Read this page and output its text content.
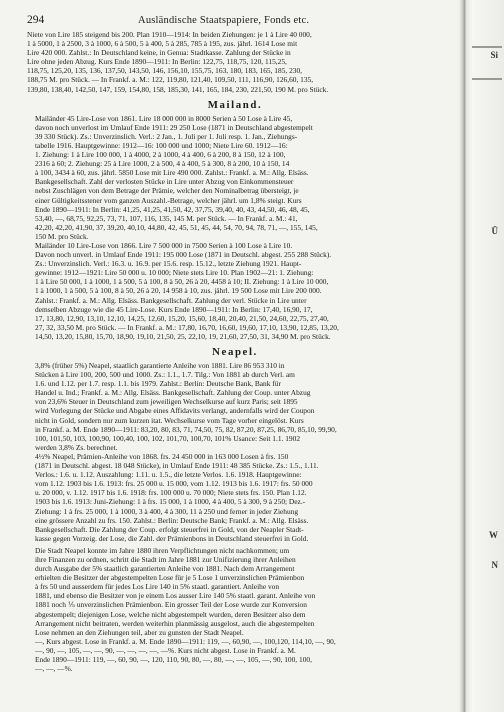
294	Ausländische Staatspapiere, Fonds etc.
Niete von Lire 185 steigend bis 200. Plan 1910—1914: In beiden Ziehungen: je 1 à Lire 40 000,
1 à 5000, 1 à 2500, 3 à 1000, 6 à 500, 5 à 400, 5 à 285, 785 à 195, zus. jährl. 1614 Lose mit
Lire 420 000. Zahlst.: In Deutschland keine, in Genua: Stadtkasse. Zahlung der Stücke in
Lire ohne jeden Abzug. Kurs Ende 1890—1911: In Berlin: 122,75, 118,75, 120, 115,25,
118,75, 125,20, 135, 136, 137,50, 143,50, 146, 156,10, 155,75, 163, 180, 183, 165, 185, 230,
188,75 M. pro Stück. — In Frankf. a. M.: 122, 119,80, 121,40, 109,50, 111, 116,90, 126,60, 135,
139,80, 138,40, 142,50, 147, 159, 154,80, 158, 185,30, 141, 165, 184, 230, 221,50, 190 M. pro Stück.
Mailand.
Mailänder 45 Lire-Lose von 1861. Lire 18 000 000 in 8000 Serien à 50 Lose à Lire 45,
davon noch unverlost im Umlauf Ende 1911: 29 250 Lose (1871 in Deutschland abgestempelt
39 330 Stück). Zs.: Unverzinslich. Verl.: 2 Jan., 1. Juli per 1. Juli resp. 1. Jan., Ziehungs-
tabelle 1916. Hauptgewinne: 1912—16: 100 000 und 1000; Niete Lire 60. 1912—16:
1. Ziehung: 1 à Lire 100 000, 1 à 4000, 2 à 1000, 4 à 400, 6 à 200, 8 à 150, 12 à 100,
2316 à 60; 2. Ziehung: 25 à Lire 1000, 2 à 500, 4 à 400, 5 à 300, 8 à 200, 10 à 150, 14
à 100, 3434 à 60, zus. jährl. 5850 Lose mit Lire 490 000. Zahlst.: Frankf. a. M.: Allg. Elsäss.
Bankgesellschaft. Zahl der verlosten Stücke in Lire unter Abzug von Einkommensteuer
nebst Zuschlägen von dem Betrage der Prämie, welcher den Nominalbetrag übersteigt, je
einer Gültigkeitsstener vom ganzen Auszahl.-Betrage, welcher jährl. um 1,8% steigt. Kurs
Ende 1890—1911: In Berlin: 41,25, 41,25, 41,50, 42, 37,75, 39,40, 40, 43, 44,50, 46, 48, 45,
53,40, —, 68,75, 92,25, 73, 71, 107, 116, 135, 145 M. per Stück. — In Frankf. a. M.: 41,
42,20, 42,20, 41,90, 37, 39,20, 40,10, 44,80, 42, 45, 51, 45, 44, 54, 70, 94, 78, 71, —, 155, 145,
150 M. pro Stück.
Mailänder 10 Lire-Lose von 1866. Lire 7 500 000 in 7500 Serien à 100 Lose à Lire 10.
Davon noch unverl. in Umlauf Ende 1911: 195 000 Lose (1871 in Deutschl. abgest. 255 288 Stück).
Zs.: Unverzinslich. Verl.: 16.3. u. 16.9. per 15.6. resp. 15.12., letzte Ziehung 1921. Haupt-
gewinne: 1912—1921: Lire 50 000 u. 10 000; Niete stets Lire 10. Plan 1902—21: 1. Ziehung:
1 à Lire 50 000, 1 à 1000, 1 à 500, 5 à 100, 8 à 50, 26 à 20, 4458 à 10; II. Ziehung: 1 à Lire 10 000,
1 à 1000, 1 à 500, 5 à 100, 8 à 50, 26 à 20, 14 958 à 10, zus. jährl. 19 500 Lose mit Lire 200 000.
Zahlst.: Frankf. a. M.: Allg. Elsäss. Bankgesellschaft. Zahlung der verl. Stücke in Lire unter
demselben Abzuge wie die 45 Lire-Lose. Kurs Ende 1890—1911: In Berlin: 17,40, 16,90, 17,
17, 13,80, 12,90, 13,10, 12,10, 14,25, 12,60, 15,20, 15,60, 18,40, 20,40, 21,50, 24,60, 22,75, 27,40,
27, 32, 33,50 M. pro Stück. — In Frankf. a. M.: 17,80, 16,70, 16,60, 19,60, 17,10, 13,90, 12,85, 13,20,
14,50, 13,20, 15,80, 15,70, 18,90, 19,10, 21,50, 25, 22,10, 19, 21,60, 27,50, 31, 34,90 M. pro Stück.
Neapel.
3,8% (früher 5%) Neapel, staatlich garantierte Anleihe von 1881. Lire 86 953 310 in
Stücken à Lire 100, 200, 500 und 1000. Zs.: 1.1., 1.7. Tilg.: Von 1881 ab durch Verl. am
1.6. und 1.12. per 1.7. resp. 1.1. bis 1979. Zahlst.: Berlin: Deutsche Bank, Bank für
Handel u. Ind.; Frankf. a. M.: Allg. Elsäss. Bankgesellschaft. Zahlung der Coup. unter Abzug
von 23,6% Steuer in Deutschland zum jeweiligen Wechselkurse auf kurz Paris; seit 1895
wird Vorlegung der Stücke und Abgabe eines Affidavits verlangt, andernfalls wird der Coupon
nicht in Gold, sondern nur zum kurzen itat. Wechselkurse vom Tage vorher eingelöst. Kurs
in Frankf. a. M. Ende 1890—1911: 83,20, 80, 83, 71, 74,50, 75, 82, 87,20, 87,25, 86,70, 85,10, 99,90,
100, 101,50, 103, 100,90, 100,40, 100, 102, 101,70, 100,70, 101% Usance: Seit 1.1. 1902
werden 3,8% Zs. berechnet.
4½% Neapel, Prämien-Anleihe von 1868. frs. 24 450 000 in 163 000 Losen à frs. 150
(1871 in Deutschl. abgest. 18 048 Stücke), in Umlauf Ende 1911: 48 385 Stücke. Zs.: 1.5., 1.11.
Verlos.: 1.6. u. 1.12. Auszahlung: 1.11. u. 1.5., die letzte Verlos. 1.6. 1918. Hauptgewinne:
vom 1.12. 1903 bis 1.6. 1913: frs. 25 000 u. 15 000, vom 1.12. 1913 bis 1.6. 1917: frs. 50 000
u. 20 000, v. 1.12. 1917 bis 1.6. 1918: frs. 100 000 u. 70 000; Niete stets frs. 150. Plan 1.12.
1903 bis 1.6. 1913: Juni-Ziehung: 1 à frs. 15 000, 1 à 1000, 4 à 400, 5 à 300, 9 à 250; Dez.-
Ziehung: 1 à frs. 25 000, 1 à 1000, 3 à 400, 4 à 300, 11 à 250 und ferner in jeder Ziehung
eine grössere Anzahl zu frs. 150. Zahlst.: Berlin: Deutsche Bank; Frankf. a. M.: Allg. Elsäss.
Bankgesellschaft. Die Zahlung der Coup. erfolgt steuerfrei in Gold, von der Neapler Stadt-
kasse gegen Vorzeig. der Lose, die Zahl. der Prämienbons in Deutschland steuerfrei in Gold.
Die Stadt Neapel konnte im Jahre 1880 ihren Verpflichtungen nicht nachkommen; um
ihre Finanzen zu ordnen, schritt die Stadt im Jahre 1881 zur Unifizierung ihrer Anleihen
durch Ausgabe der 5% staatlich garantierten Anleihe von 1881. Nach dem Arrangement
erhielten die Besitzer der abgestempelten Lose für je 5 Lose 1 unverzinslichen Prämienbon
à frs 50 und ausserdem für jedes Los Lire 140 in 5% staatl. garantiert. Anleihe von
1881, und ebenso die Besitzer von je einem Los ausser Lire 140 5% staatl. garant. Anleihe von
1881 noch ⅕ unverzinslichen Prämienbon. Ein grosser Teil der Lose wurde zur Konversion
abgestempelt; diejenigen Lose, welche nicht abgestempelt wurden, deren Besitzer also dem
Arrangement nicht beitraten, werden weiterhin planmässig ausgelost, auch die abgestempelten
Lose nehmen an den Ziehungen teil, aber zu gunsten der Stadt Neapel.
—, Kurs abgest. Lose in Frankf. a. M. Ende 1890—1911: 119, —, 60,90, —, 100,120, 114,10, —, 90,
—, 90, —, 105, —, —, 90, —, —, —, —, —%. Kurs nicht abgest. Lose in Frankf. a. M.
Ende 1890—1911: 119, —, 60, 90, —, 120, 110, 90, 80, —, 80, —, —, 105, —, 90, 100, 100,
—, —, —%.
Si
Ü
W
N
